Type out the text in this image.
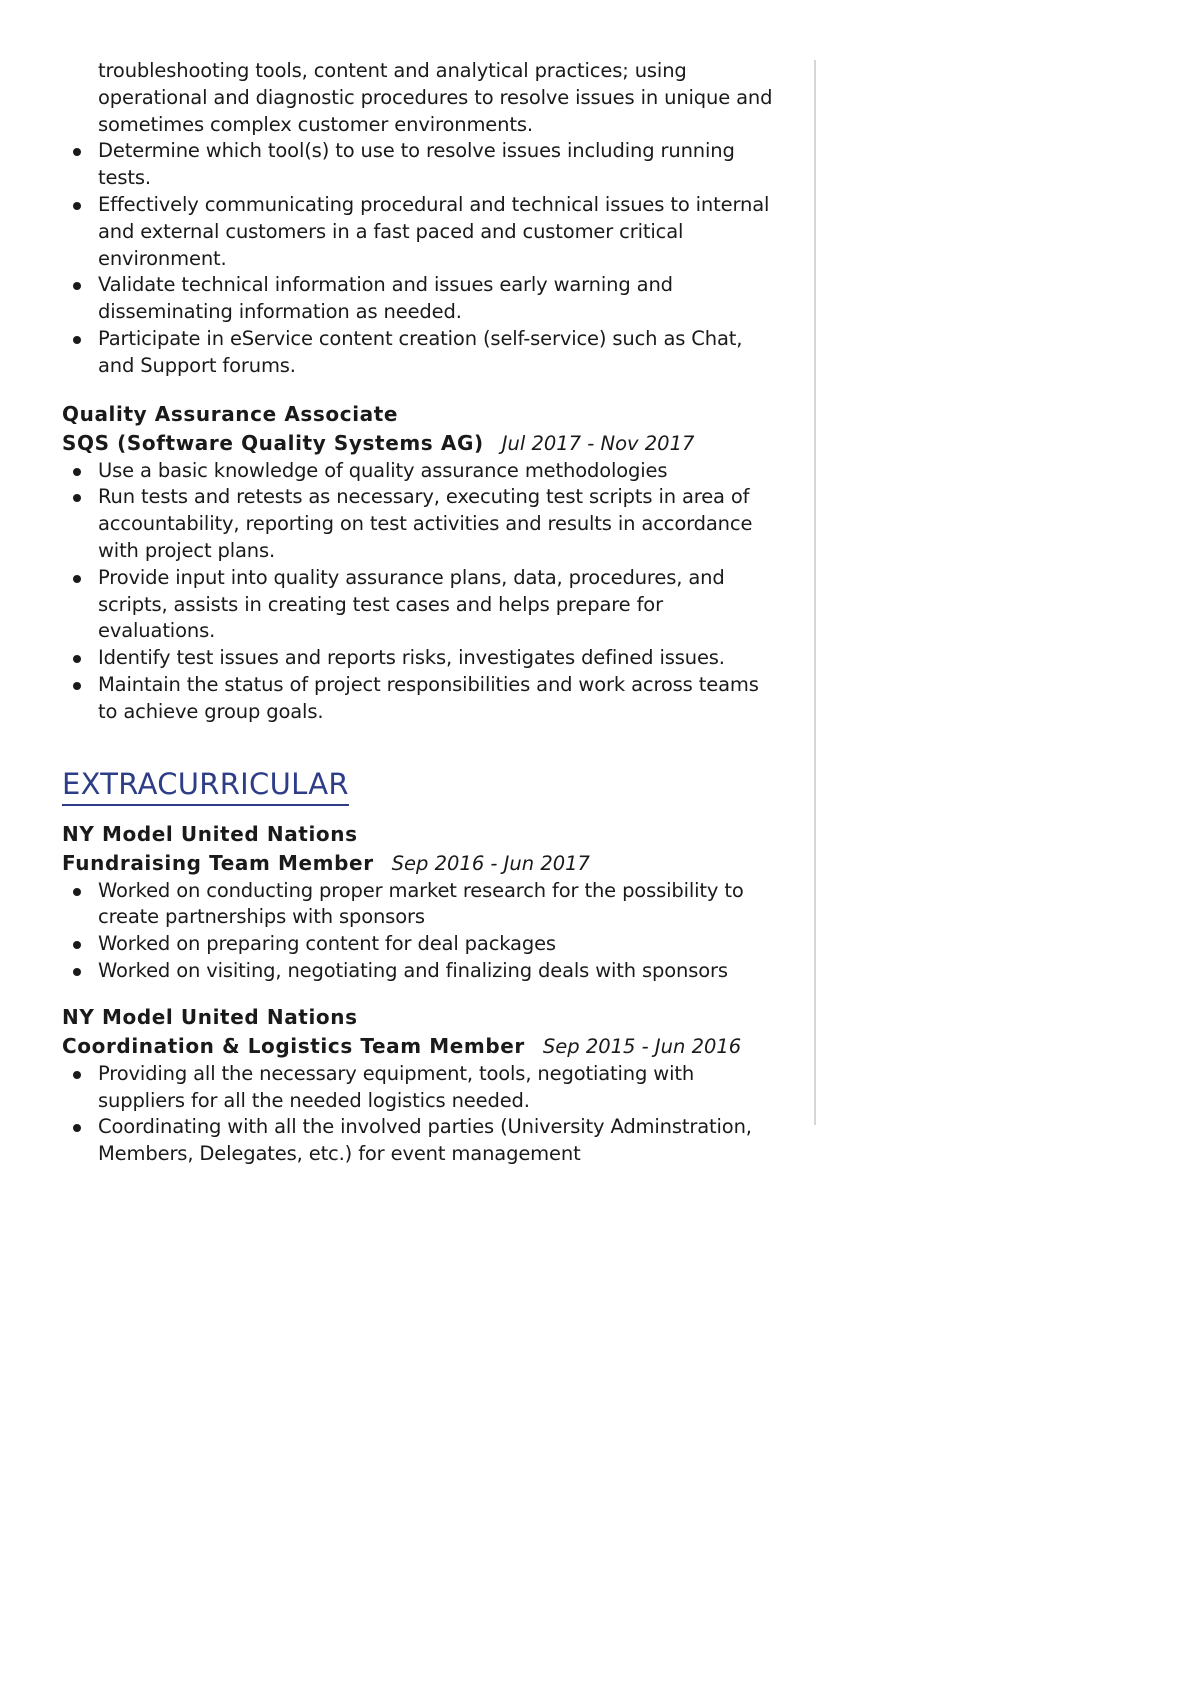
troubleshooting tools, content and analytical practices; using operational and diagnostic procedures to resolve issues in unique and sometimes complex customer environments.
Determine which tool(s) to use to resolve issues including running tests.
Effectively communicating procedural and technical issues to internal and external customers in a fast paced and customer critical environment.
Validate technical information and issues early warning and disseminating information as needed.
Participate in eService content creation (self-service) such as Chat, and Support forums.
Quality Assurance Associate
SQS (Software Quality Systems AG) Jul 2017 - Nov 2017
Use a basic knowledge of quality assurance methodologies
Run tests and retests as necessary, executing test scripts in area of accountability, reporting on test activities and results in accordance with project plans.
Provide input into quality assurance plans, data, procedures, and scripts, assists in creating test cases and helps prepare for evaluations.
Identify test issues and reports risks, investigates defined issues.
Maintain the status of project responsibilities and work across teams to achieve group goals.
EXTRACURRICULAR
NY Model United Nations
Fundraising Team Member Sep 2016 - Jun 2017
Worked on conducting proper market research for the possibility to create partnerships with sponsors
Worked on preparing content for deal packages
Worked on visiting, negotiating and finalizing deals with sponsors
NY Model United Nations
Coordination & Logistics Team Member Sep 2015 - Jun 2016
Providing all the necessary equipment, tools, negotiating with suppliers for all the needed logistics needed.
Coordinating with all the involved parties (University Adminstration, Members, Delegates, etc.) for event management
